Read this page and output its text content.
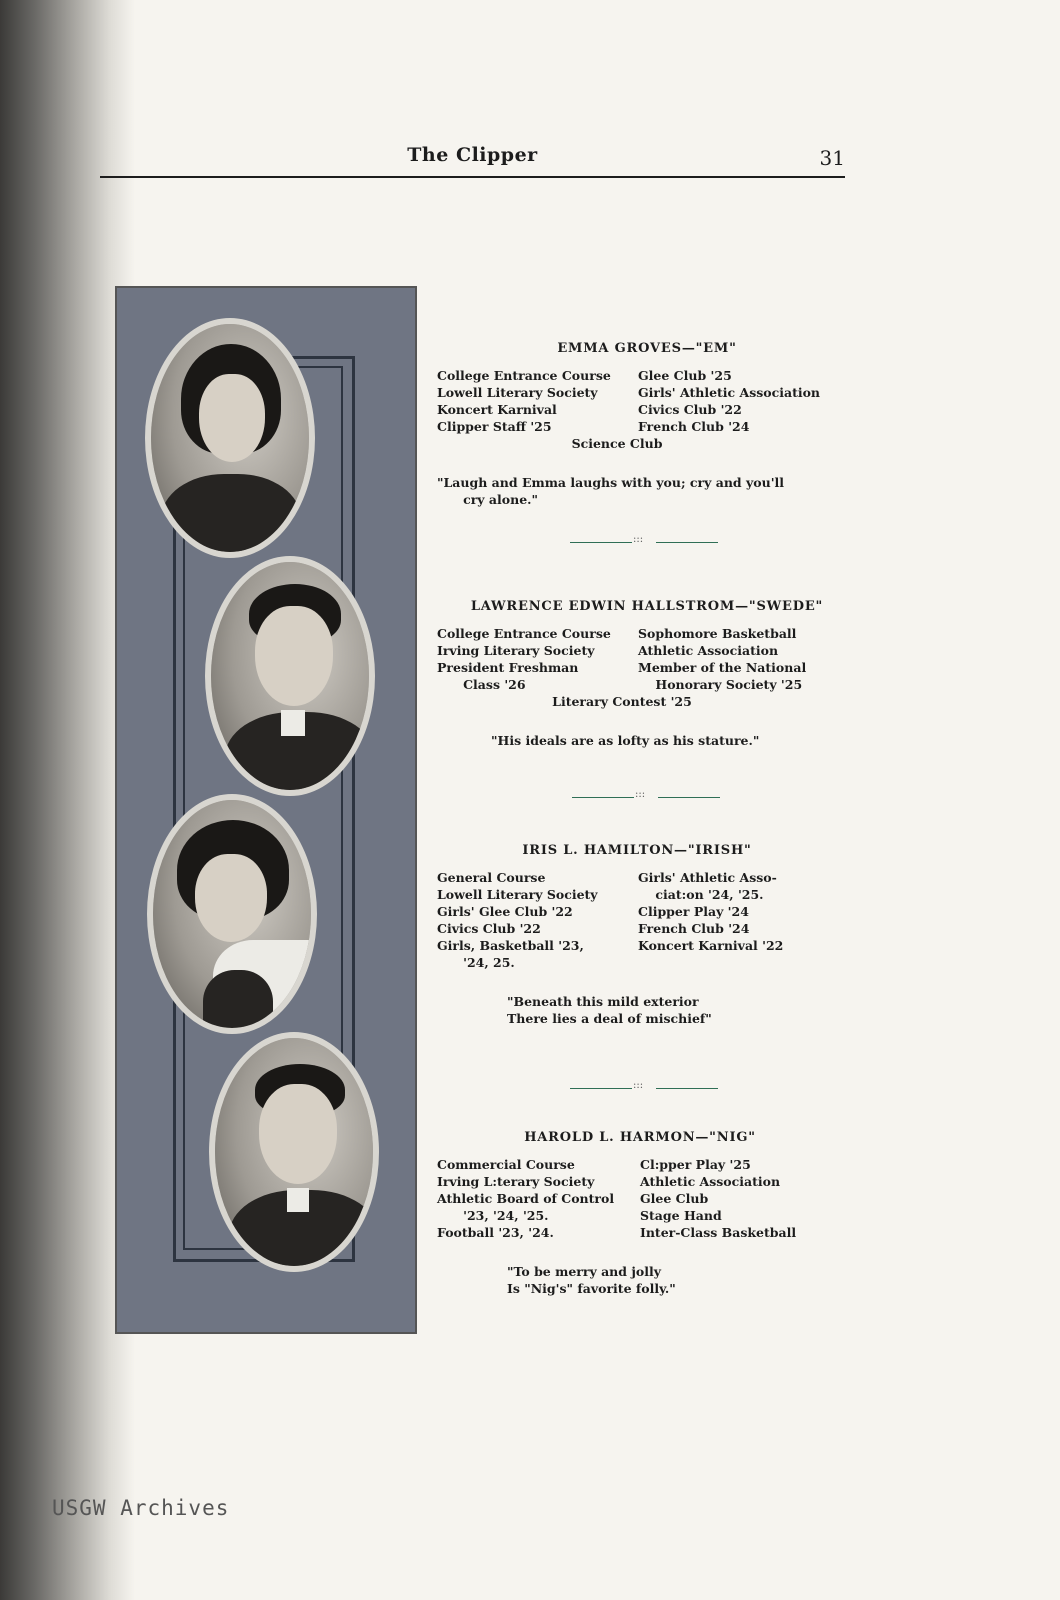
The Clipper	31
EMMA GROVES—"EM"
College Entrance Course
Lowell Literary Society
Koncert Karnival
Clipper Staff '25
Glee Club '25
Girls' Athletic Association
Civics Club '22
French Club '24
Science Club
"Laugh and Emma laughs with you; cry and you'll
cry alone."
:::
LAWRENCE EDWIN HALLSTROM—"SWEDE"
College Entrance Course
Irving Literary Society
President Freshman
Class '26
Sophomore Basketball
Athletic Association
Member of the National
Honorary Society '25
Literary Contest '25
"His ideals are as lofty as his stature."
:::
IRIS L. HAMILTON—"IRISH"
General Course
Lowell Literary Society
Girls' Glee Club '22
Civics Club '22
Girls, Basketball '23,
'24, 25.
Girls' Athletic Asso-
ciat:on '24, '25.
Clipper Play '24
French Club '24
Koncert Karnival '22
"Beneath this mild exterior
There lies a deal of mischief"
:::
HAROLD L. HARMON—"NIG"
Commercial Course
Irving L:terary Society
Athletic Board of Control
'23, '24, '25.
Football '23, '24.
Cl:pper Play '25
Athletic Association
Glee Club
Stage Hand
Inter-Class Basketball
"To be merry and jolly
Is "Nig's" favorite folly."
USGW Archives
